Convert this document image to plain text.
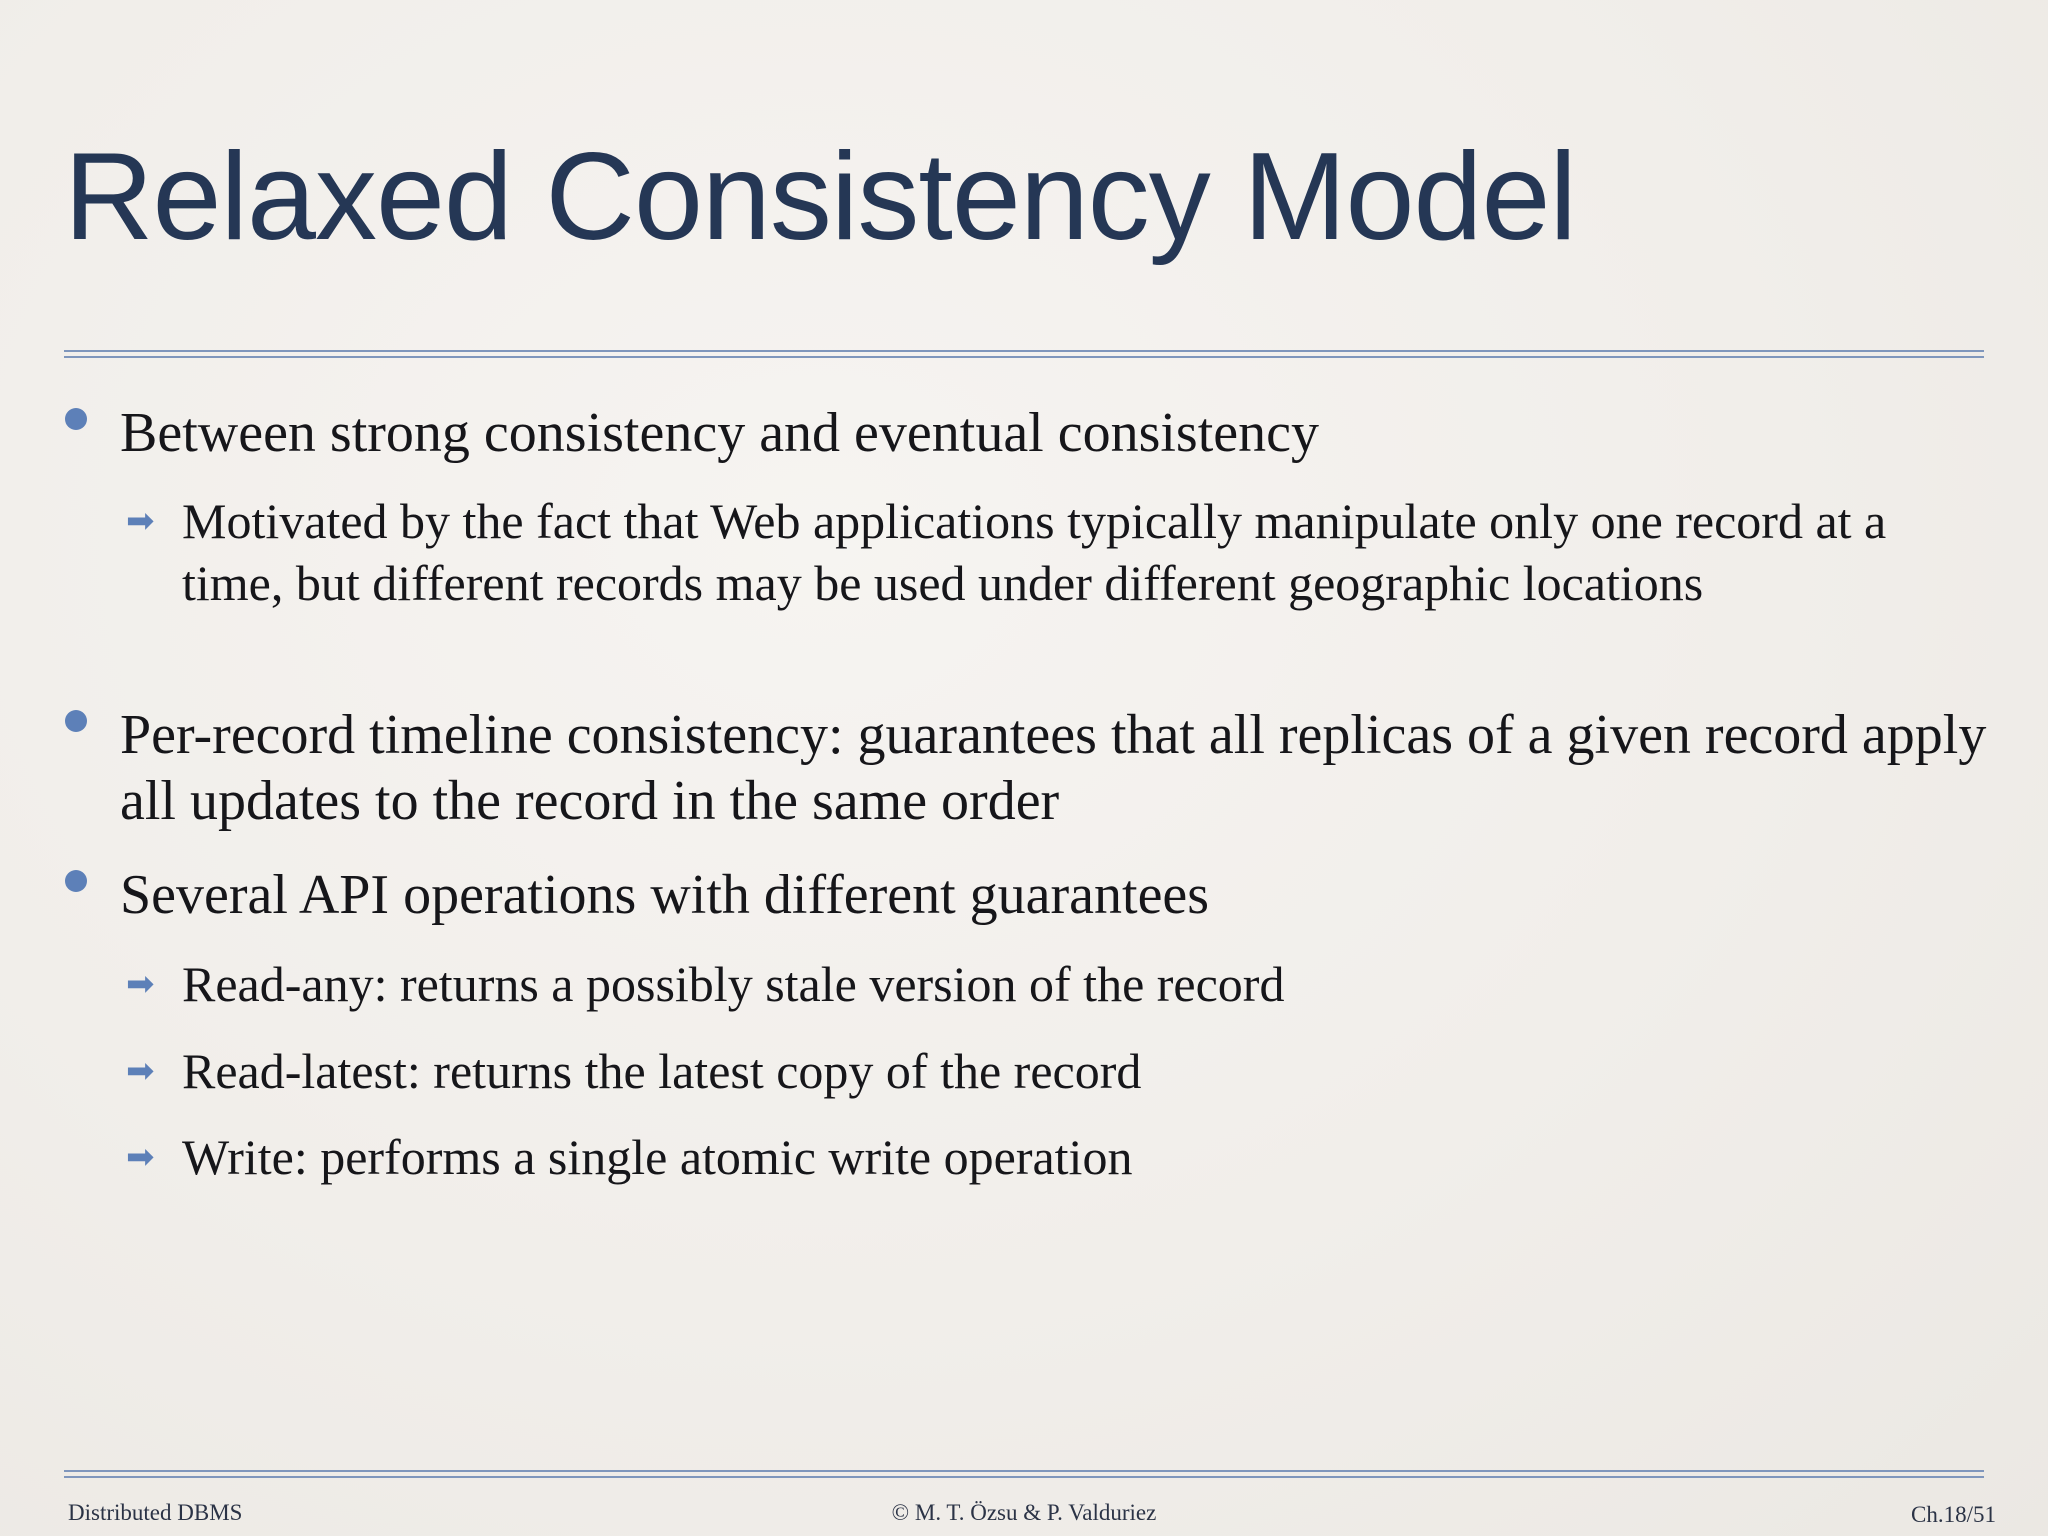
Relaxed Consistency Model
Between strong consistency and eventual consistency
➡ Motivated by the fact that Web applications typically manipulate only one record at a time, but different records may be used under different geographic locations
Per-record timeline consistency: guarantees that all replicas of a given record apply all updates to the record in the same order
Several API operations with different guarantees
➡ Read-any: returns a possibly stale version of the record
➡ Read-latest: returns the latest copy of the record
➡ Write: performs a single atomic write operation
Distributed DBMS	© M. T. Özsu & P. Valduriez	Ch.18/51
